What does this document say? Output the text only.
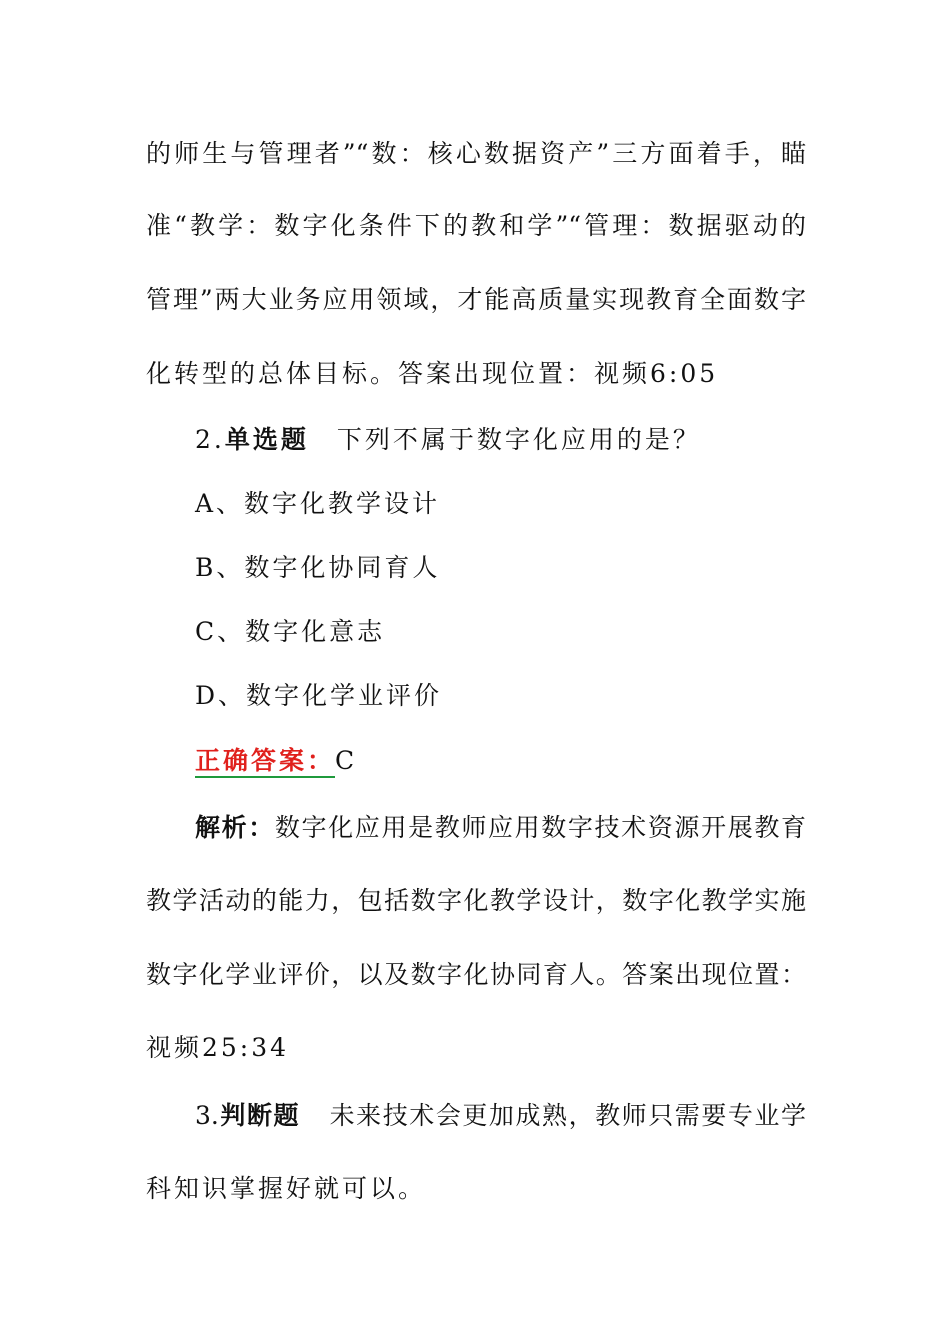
的师生与管理者”“数：核心数据资产”三方面着手，瞄
准“教学：数字化条件下的教和学”“管理：数据驱动的
管理”两大业务应用领域，才能高质量实现教育全面数字
化转型的总体目标。答案出现位置：视频6:05
2.单选题 下列不属于数字化应用的是？
A、数字化教学设计
B、数字化协同育人
C、数字化意志
D、数字化学业评价
正确答案：C
解析：数字化应用是教师应用数字技术资源开展教育
教学活动的能力，包括数字化教学设计，数字化教学实施
数字化学业评价，以及数字化协同育人。答案出现位置：
视频25:34
3.判断题 未来技术会更加成熟，教师只需要专业学
科知识掌握好就可以。
